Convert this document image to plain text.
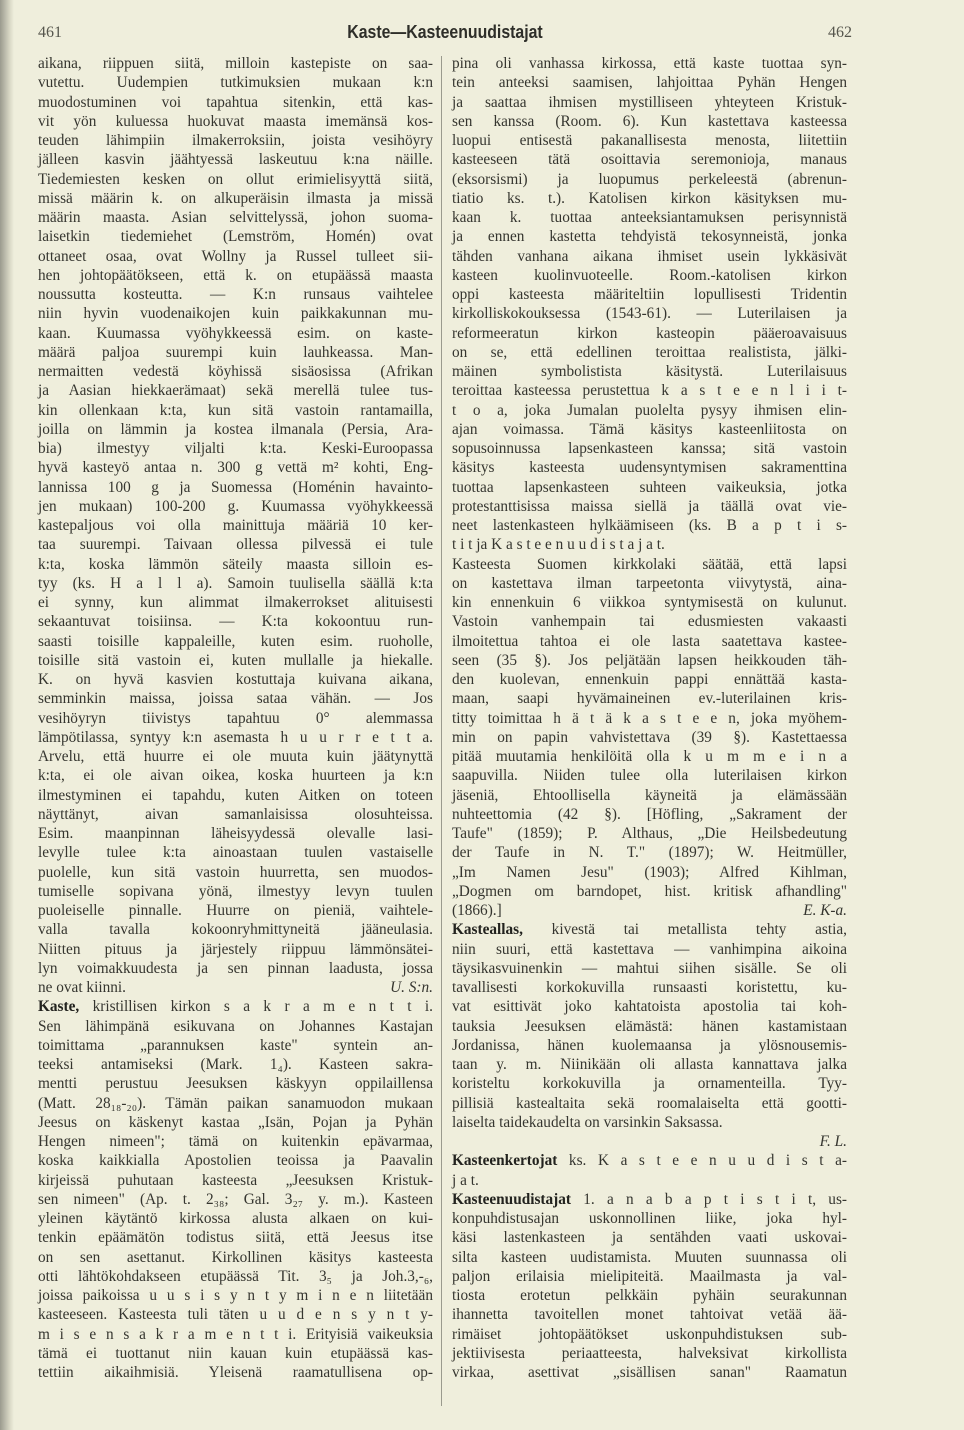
461	Kaste—Kasteenuudistajat	462
aikana, riippuen siitä, milloin kastepiste on saa-
vutettu. Uudempien tutkimuksien mukaan k:n
muodostuminen voi tapahtua sitenkin, että kas-
vit yön kuluessa huokuvat maasta imemänsä kos-
teuden lähimpiin ilmakerroksiin, joista vesihöyry
jälleen kasvin jäähtyessä laskeutuu k:na näille.
Tiedemiesten kesken on ollut erimielisyyttä siitä,
missä määrin k. on alkuperäisin ilmasta ja missä
määrin maasta. Asian selvittelyssä, johon suoma-
laisetkin tiedemiehet (Lemström, Homén) ovat
ottaneet osaa, ovat Wollny ja Russel tulleet sii-
hen johtopäätökseen, että k. on etupäässä maasta
noussutta kosteutta. — K:n runsaus vaihtelee
niin hyvin vuodenaikojen kuin paikkakunnan mu-
kaan. Kuumassa vyöhykkeessä esim. on kaste-
määrä paljoa suurempi kuin lauhkeassa. Man-
nermaitten vedestä köyhissä sisäosissa (Afrikan
ja Aasian hiekkaerämaat) sekä merellä tulee tus-
kin ollenkaan k:ta, kun sitä vastoin rantamailla,
joilla on lämmin ja kostea ilmanala (Persia, Ara-
bia) ilmestyy viljalti k:ta. Keski-Euroopassa
hyvä kasteyö antaa n. 300 g vettä m² kohti, Eng-
lannissa 100 g ja Suomessa (Homénin havainto-
jen mukaan) 100-200 g. Kuumassa vyöhykkeessä
kastepaljous voi olla mainittuja määriä 10 ker-
taa suurempi. Taivaan ollessa pilvessä ei tule
k:ta, koska lämmön säteily maasta silloin es-
tyy (ks. H a l l a). Samoin tuulisella säällä k:ta
ei synny, kun alimmat ilmakerrokset alituisesti
sekaantuvat toisiinsa. — K:ta kokoontuu run-
saasti toisille kappaleille, kuten esim. ruoholle,
toisille sitä vastoin ei, kuten mullalle ja hiekalle.
K. on hyvä kasvien kostuttaja kuivana aikana,
semminkin maissa, joissa sataa vähän. — Jos
vesihöyryn tiivistys tapahtuu 0° alemmassa
lämpötilassa, syntyy k:n asemasta h u u r r e t t a.
Arvelu, että huurre ei ole muuta kuin jäätynyttä
k:ta, ei ole aivan oikea, koska huurteen ja k:n
ilmestyminen ei tapahdu, kuten Aitken on toteen
näyttänyt, aivan samanlaisissa olosuhteissa.
Esim. maanpinnan läheisyydessä olevalle lasi-
levylle tulee k:ta ainoastaan tuulen vastaiselle
puolelle, kun sitä vastoin huurretta, sen muodos-
tumiselle sopivana yönä, ilmestyy levyn tuulen
puoleiselle pinnalle. Huurre on pieniä, vaihtele-
valla tavalla kokoonryhmittyneitä jääneulasia.
Niitten pituus ja järjestely riippuu lämmönsätei-
lyn voimakkuudesta ja sen pinnan laadusta, jossa
U. S:n.
ne ovat kiinni.
Kaste, kristillisen kirkon s a k r a m e n t t i.
Sen lähimpänä esikuvana on Johannes Kastajan
toimittama „parannuksen kaste" syntein an-
teeksi antamiseksi (Mark. 1₄). Kasteen sakra-
mentti perustuu Jeesuksen käskyyn oppilaillensa
(Matt. 28₁₈-₂₀). Tämän paikan sanamuodon mukaan
Jeesus on käskenyt kastaa „Isän, Pojan ja Pyhän
Hengen nimeen"; tämä on kuitenkin epävarmaa,
koska kaikkialla Apostolien teoissa ja Paavalin
kirjeissä puhutaan kasteesta „Jeesuksen Kristuk-
sen nimeen" (Ap. t. 2₃₈; Gal. 3₂₇ y. m.). Kasteen
yleinen käytäntö kirkossa alusta alkaen on kui-
tenkin epäämätön todistus siitä, että Jeesus itse
on sen asettanut. Kirkollinen käsitys kasteesta
otti lähtökohdakseen etupäässä Tit. 3₅ ja Joh.3,-₆,
joissa paikoissa u u s i s y n t y m i n e n liitetään
kasteeseen. Kasteesta tuli täten u u d e n s y n t y-
m i s e n s a k r a m e n t t i. Erityisiä vaikeuksia
tämä ei tuottanut niin kauan kuin etupäässä kas-
tettiin aikaihmisiä. Yleisenä raamatullisena op-
pina oli vanhassa kirkossa, että kaste tuottaa syn-
tein anteeksi saamisen, lahjoittaa Pyhän Hengen
ja saattaa ihmisen mystilliseen yhteyteen Kristuk-
sen kanssa (Room. 6). Kun kastettava kasteessa
luopui entisestä pakanallisesta menosta, liitettiin
kasteeseen tätä osoittavia seremonioja, manaus
(eksorsismi) ja luopumus perkeleestä (abrenun-
tiatio ks. t.). Katolisen kirkon käsityksen mu-
kaan k. tuottaa anteeksiantamuksen perisynnistä
ja ennen kastetta tehdyistä tekosynneistä, jonka
tähden vanhana aikana ihmiset usein lykkäsivät
kasteen kuolinvuoteelle. Room.-katolisen kirkon
oppi kasteesta määriteltiin lopullisesti Tridentin
kirkolliskokouksessa (1543-61). — Luterilaisen ja
reformeeratun kirkon kasteopin pääeroavaisuus
on se, että edellinen teroittaa realistista, jälki-
mäinen symbolistista käsitystä. Luterilaisuus
teroittaa kasteessa perustettua k a s t e e n l i i t-
t o a, joka Jumalan puolelta pysyy ihmisen elin-
ajan voimassa. Tämä käsitys kasteenliitosta on
sopusoinnussa lapsenkasteen kanssa; sitä vastoin
käsitys kasteesta uudensyntymisen sakramenttina
tuottaa lapsenkasteen suhteen vaikeuksia, jotka
protestanttisissa maissa siellä ja täällä ovat vie-
neet lastenkasteen hylkäämiseen (ks. B a p t i s-
t i t ja K a s t e e n u u d i s t a j a t.
Kasteesta Suomen kirkkolaki säätää, että lapsi
on kastettava ilman tarpeetonta viivytystä, aina-
kin ennenkuin 6 viikkoa syntymisestä on kulunut.
Vastoin vanhempain tai edusmiesten vakaasti
ilmoitettua tahtoa ei ole lasta saatettava kastee-
seen (35 §). Jos peljätään lapsen heikkouden täh-
den kuolevan, ennenkuin pappi ennättää kasta-
maan, saapi hyvämaineinen ev.-luterilainen kris-
titty toimittaa h ä t ä k a s t e e n, joka myöhem-
min on papin vahvistettava (39 §). Kastettaessa
pitää muutamia henkilöitä olla k u m m e i n a
saapuvilla. Niiden tulee olla luterilaisen kirkon
jäseniä, Ehtoollisella käyneitä ja elämässään
nuhteettomia (42 §). [Höfling, „Sakrament der
Taufe" (1859); P. Althaus, „Die Heilsbedeutung
der Taufe in N. T." (1897); W. Heitmüller,
„Im Namen Jesu" (1903); Alfred Kihlman,
„Dogmen om barndopet, hist. kritisk afhandling"
E. K-a.
(1866).]
Kasteallas, kivestä tai metallista tehty astia,
niin suuri, että kastettava — vanhimpina aikoina
täysikasvuinenkin — mahtui siihen sisälle. Se oli
tavallisesti korkokuvilla runsaasti koristettu, ku-
vat esittivät joko kahtatoista apostolia tai koh-
tauksia Jeesuksen elämästä: hänen kastamistaan
Jordanissa, hänen kuolemaansa ja ylösnousemis-
taan y. m. Niinikään oli allasta kannattava jalka
koristeltu korkokuvilla ja ornamenteilla. Tyy-
pillisiä kastealtaita sekä roomalaiselta että gootti-
laiselta taidekaudelta on varsinkin Saksassa.
F. L.
Kasteenkertojat ks. K a s t e e n u u d i s t a-
j a t.
Kasteenuudistajat 1. a n a b a p t i s t i t, us-
konpuhdistusajan uskonnollinen liike, joka hyl-
käsi lastenkasteen ja sentähden vaati uskovai-
silta kasteen uudistamista. Muuten suunnassa oli
paljon erilaisia mielipiteitä. Maailmasta ja val-
tiosta erotetun pelkkäin pyhäin seurakunnan
ihannetta tavoitellen monet tahtoivat vetää ää-
rimäiset johtopäätökset uskonpuhdistuksen sub-
jektiivisesta periaatteesta, halveksivat kirkollista
virkaa, asettivat „sisällisen sanan" Raamatun
